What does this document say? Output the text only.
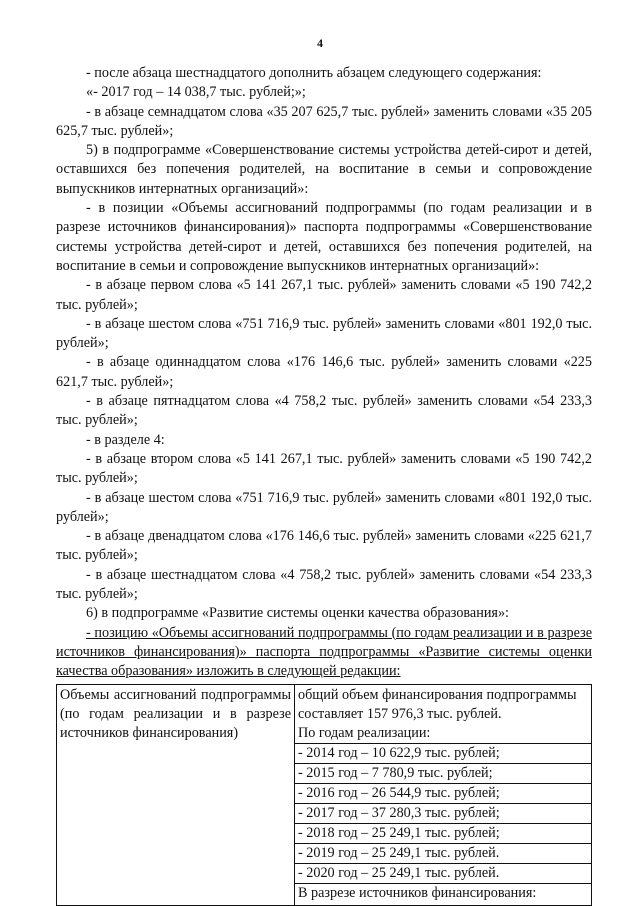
4

- после абзаца шестнадцатого дополнить абзацем следующего содержания:

«- 2017 год – 14 038,7 тыс. рублей;»;

- в абзаце семнадцатом слова «35 207 625,7 тыс. рублей» заменить словами «35 205 625,7 тыс. рублей»;

5) в подпрограмме «Совершенствование системы устройства детей-сирот и детей, оставшихся без попечения родителей, на воспитание в семьи и сопровождение выпускников интернатных организаций»:

- в позиции «Объемы ассигнований подпрограммы (по годам реализации и в разрезе источников финансирования)» паспорта подпрограммы «Совершенствование системы устройства детей-сирот и детей, оставшихся без попечения родителей, на воспитание в семьи и сопровождение выпускников интернатных организаций»:

- в абзаце первом слова «5 141 267,1 тыс. рублей» заменить словами «5 190 742,2 тыс. рублей»;

- в абзаце шестом слова «751 716,9 тыс. рублей» заменить словами «801 192,0 тыс. рублей»;

- в абзаце одиннадцатом слова «176 146,6 тыс. рублей» заменить словами «225 621,7 тыс. рублей»;

- в абзаце пятнадцатом слова «4 758,2 тыс. рублей» заменить словами «54 233,3 тыс. рублей»;

- в разделе 4:

- в абзаце втором слова «5 141 267,1 тыс. рублей» заменить словами «5 190 742,2 тыс. рублей»;

- в абзаце шестом слова «751 716,9 тыс. рублей» заменить словами «801 192,0 тыс. рублей»;

- в абзаце двенадцатом слова «176 146,6 тыс. рублей» заменить словами «225 621,7 тыс. рублей»;

- в абзаце шестнадцатом слова «4 758,2 тыс. рублей» заменить словами «54 233,3 тыс. рублей»;

6) в подпрограмме «Развитие системы оценки качества образования»:

- позицию «Объемы ассигнований подпрограммы (по годам реализации и в разрезе источников финансирования)» паспорта подпрограммы «Развитие системы оценки качества образования» изложить в следующей редакции:

Объемы ассигнований подпрограммы (по годам реализации и в разрезе источников финансирования)
общий объем финансирования подпрограммы составляет 157 976,3 тыс. рублей.
По годам реализации:
- 2014 год – 10 622,9 тыс. рублей;
- 2015 год – 7 780,9 тыс. рублей;
- 2016 год – 26 544,9 тыс. рублей;
- 2017 год – 37 280,3 тыс. рублей;
- 2018 год – 25 249,1 тыс. рублей;
- 2019 год – 25 249,1 тыс. рублей.
- 2020 год – 25 249,1 тыс. рублей.
В разрезе источников финансирования:
